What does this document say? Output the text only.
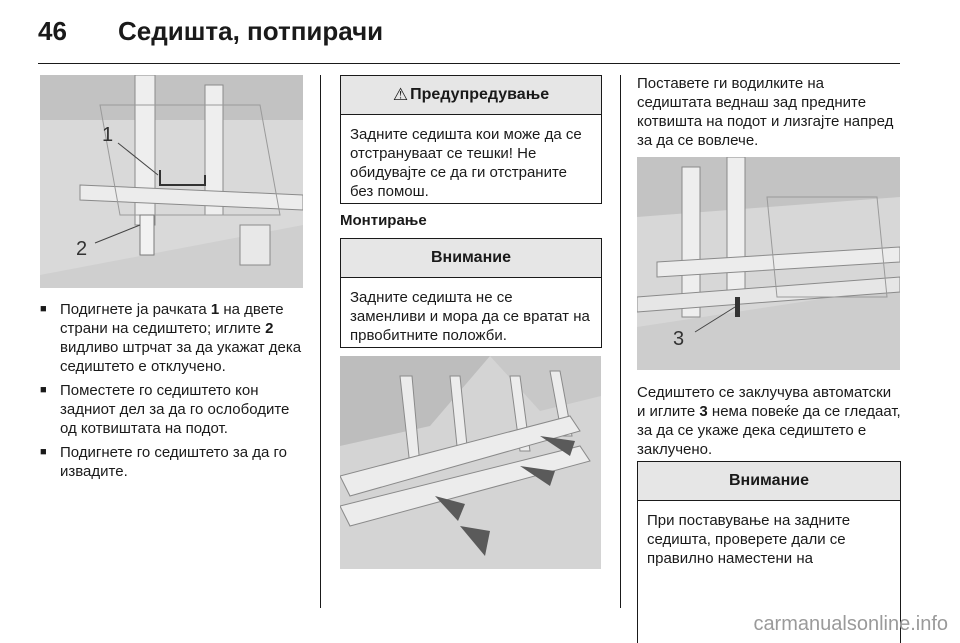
46 Седишта, потпирачи
1
2
■ Подигнете ја рачката 1 на двете страни на седиштето; иглите 2 видливо штрчат за да укажат дека седиштето е отклучено.
■ Поместете го седиштето кон задниот дел за да го ослободите од котвиштата на подот.
■ Подигнете го седиштето за да го извадите.
⚠ Предупредување
Задните седишта кои може да се отстрануваат се тешки! Не обидувајте се да ги отстраните без помош.
Монтирање
Внимание
Задните седишта не се заменливи и мора да се вратат на првобитните положби.
Поставете ги водилките на седиштата веднаш зад предните котвишта на подот и лизгајте напред за да се вовлече.
3
Седиштето се заклучува автоматски и иглите 3 нема повеќе да се гледаат, за да се укаже дека седиштето е заклучено.
Внимание
При поставување на задните седишта, проверете дали се правилно наместени на
carmanualsonline.info
